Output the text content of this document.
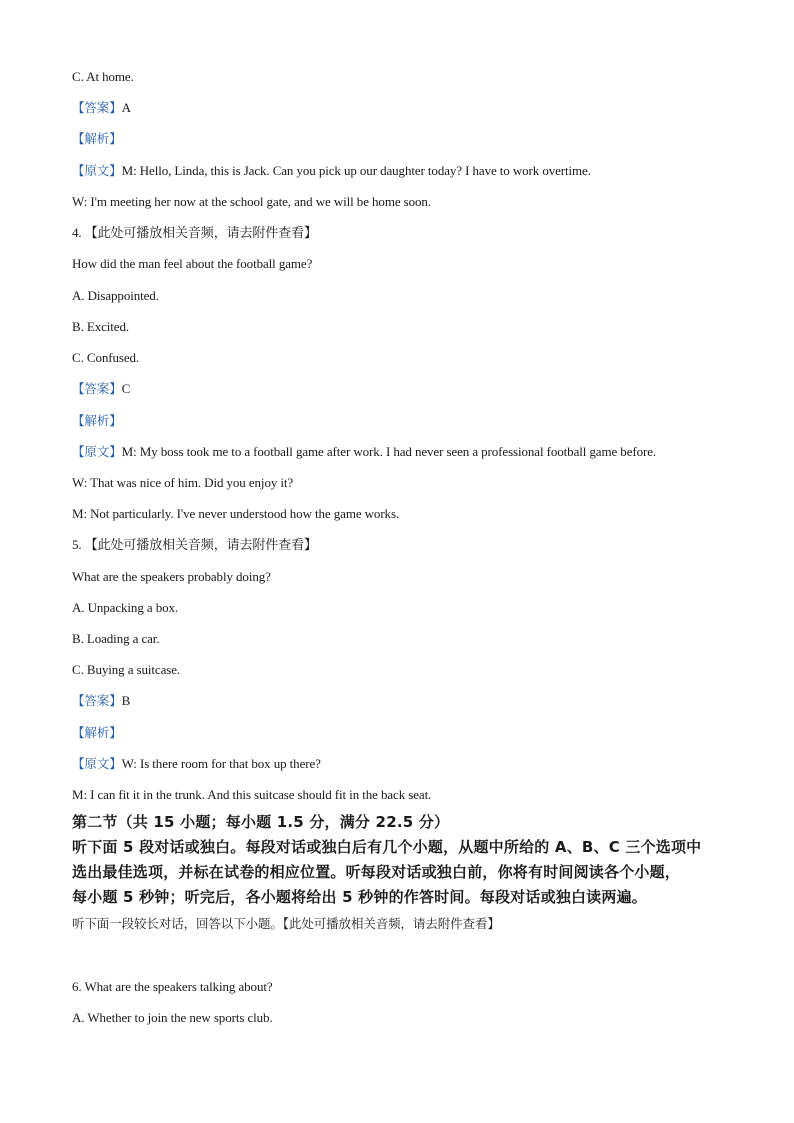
C. At home.
【答案】A
【解析】
【原文】M: Hello, Linda, this is Jack. Can you pick up our daughter today? I have to work overtime.
W: I'm meeting her now at the school gate, and we will be home soon.
4. 【此处可播放相关音频，请去附件查看】
How did the man feel about the football game?
A. Disappointed.
B. Excited.
C. Confused.
【答案】C
【解析】
【原文】M: My boss took me to a football game after work. I had never seen a professional football game before.
W: That was nice of him. Did you enjoy it?
M: Not particularly. I've never understood how the game works.
5. 【此处可播放相关音频，请去附件查看】
What are the speakers probably doing?
A. Unpacking a box.
B. Loading a car.
C. Buying a suitcase.
【答案】B
【解析】
【原文】W: Is there room for that box up there?
M: I can fit it in the trunk. And this suitcase should fit in the back seat.
第二节（共 15 小题；每小题 1.5 分，满分 22.5 分）
听下面 5 段对话或独白。每段对话或独白后有几个小题，从题中所给的 A、B、C 三个选项中
选出最佳选项，并标在试卷的相应位置。听每段对话或独白前，你将有时间阅读各个小题，
每小题 5 秒钟；听完后，各小题将给出 5 秒钟的作答时间。每段对话或独白读两遍。
听下面一段较长对话，回答以下小题。【此处可播放相关音频，请去附件查看】
6. What are the speakers talking about?
A. Whether to join the new sports club.
